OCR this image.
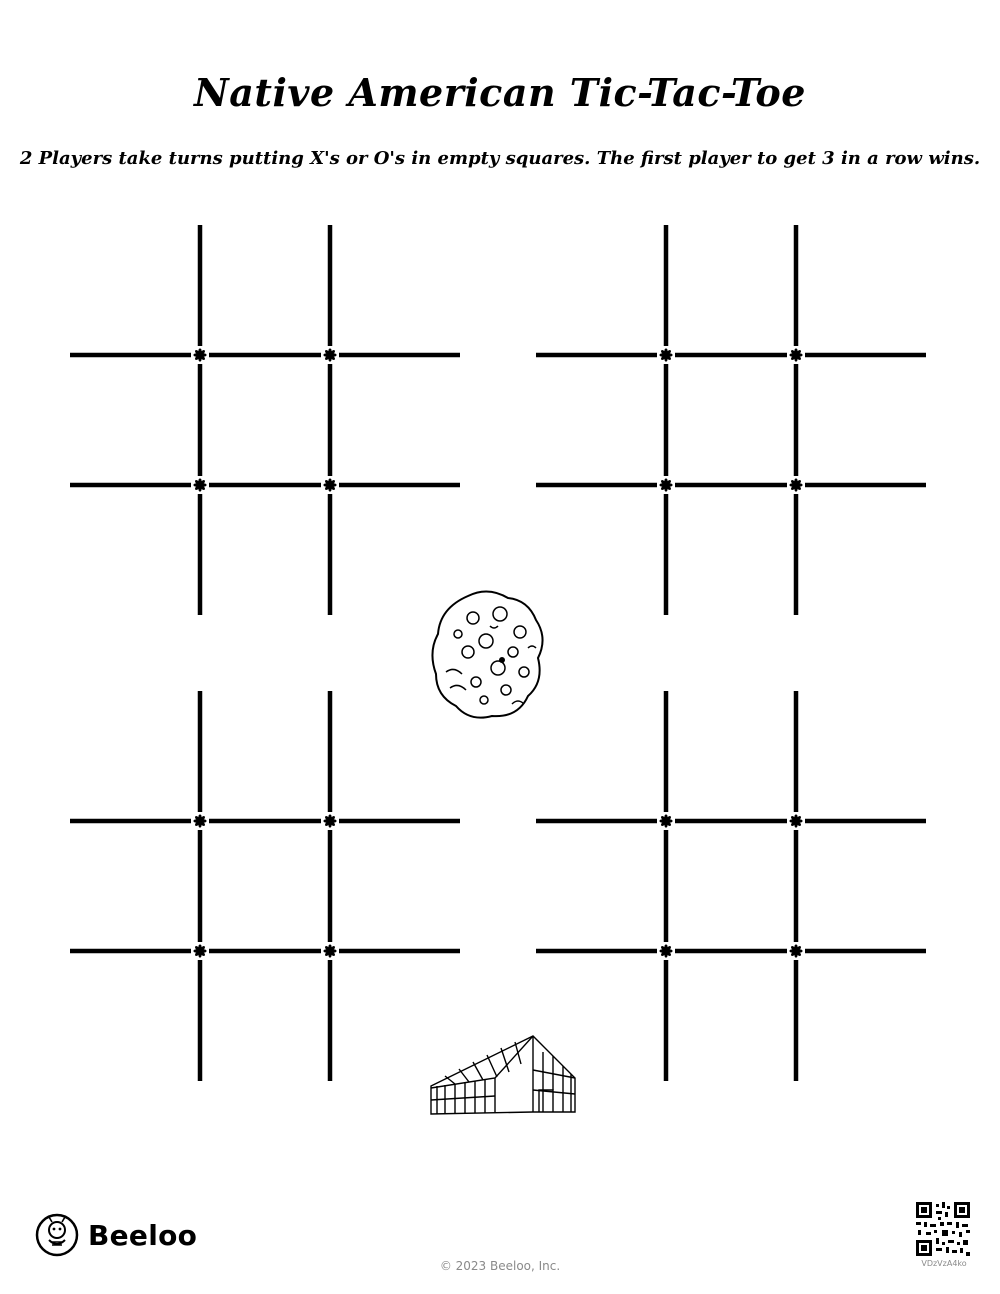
Native American Tic-Tac-Toe
2 Players take turns putting X's or O's in empty squares. The first player to get 3 in a row wins.
Beeloo
© 2023 Beeloo, Inc.	VDzVzA4ko
